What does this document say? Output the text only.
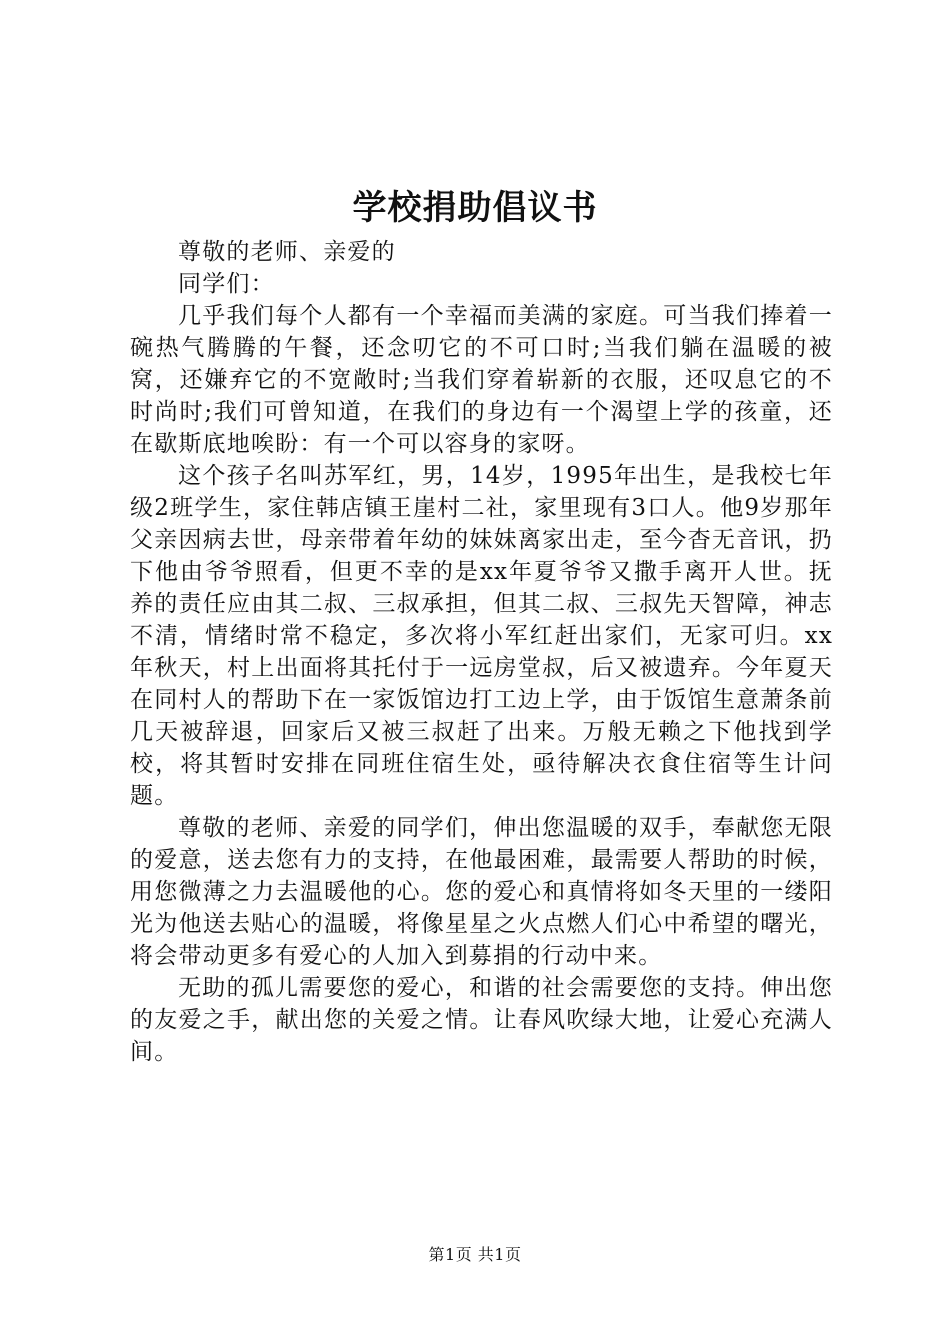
学校捐助倡议书

尊敬的老师、亲爱的

同学们：

几乎我们每个人都有一个幸福而美满的家庭。可当我们捧着一碗热气腾腾的午餐，还念叨它的不可口时;当我们躺在温暖的被窝，还嫌弃它的不宽敞时;当我们穿着崭新的衣服，还叹息它的不时尚时;我们可曾知道，在我们的身边有一个渴望上学的孩童，还在歇斯底地唉盼：有一个可以容身的家呀。

这个孩子名叫苏军红，男，14岁，1995年出生，是我校七年级2班学生，家住韩店镇王崖村二社，家里现有3口人。他9岁那年父亲因病去世，母亲带着年幼的妹妹离家出走，至今杳无音讯，扔下他由爷爷照看，但更不幸的是xx年夏爷爷又撒手离开人世。抚养的责任应由其二叔、三叔承担，但其二叔、三叔先天智障，神志不清，情绪时常不稳定，多次将小军红赶出家们，无家可归。xx年秋天，村上出面将其托付于一远房堂叔，后又被遗弃。今年夏天在同村人的帮助下在一家饭馆边打工边上学，由于饭馆生意萧条前几天被辞退，回家后又被三叔赶了出来。万般无赖之下他找到学校，将其暂时安排在同班住宿生处，亟待解决衣食住宿等生计问题。

尊敬的老师、亲爱的同学们，伸出您温暖的双手，奉献您无限的爱意，送去您有力的支持，在他最困难，最需要人帮助的时候，用您微薄之力去温暖他的心。您的爱心和真情将如冬天里的一缕阳光为他送去贴心的温暖，将像星星之火点燃人们心中希望的曙光，将会带动更多有爱心的人加入到募捐的行动中来。

无助的孤儿需要您的爱心，和谐的社会需要您的支持。伸出您的友爱之手，献出您的关爱之情。让春风吹绿大地，让爱心充满人间。

第1页 共1页
